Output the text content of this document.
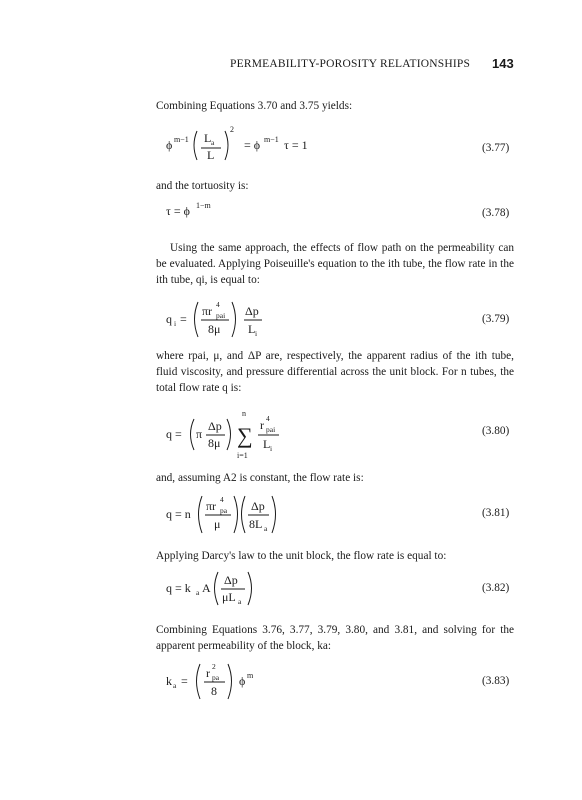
PERMEABILITY-POROSITY RELATIONSHIPS 143

Combining Equations 3.70 and 3.75 yields:

ϕ m−1 L a
L
2
= ϕ m−1 τ = 1	(3.77)

and the tortuosity is:

τ = ϕ 1−m
(3.78)

Using the same approach, the effects of flow path on the permeability can be evaluated. Applying Poiseuille's equation to the ith tube, the flow rate in the ith tube, qi, is equal to:

q i =
πr 4
pai
8μ
Δp
L i
(3.79)

where rpai, μ, and ΔP are, respectively, the apparent radius of the ith tube, fluid viscosity, and pressure differential across the unit block. For n tubes, the total flow rate q is:

q = π
Δp
8μ
n
∑
i=1
r 4
pai
L i
(3.80)

and, assuming A2 is constant, the flow rate is:

q = n
πr 4
pa
μ
Δp
8L a
(3.81)

Applying Darcy's law to the unit block, the flow rate is equal to:

q = k a A
Δp
μL a
(3.82)

Combining Equations 3.76, 3.77, 3.79, 3.80, and 3.81, and solving for the apparent permeability of the block, ka:

k a =
r 2
pa
8
ϕ m	(3.83)
